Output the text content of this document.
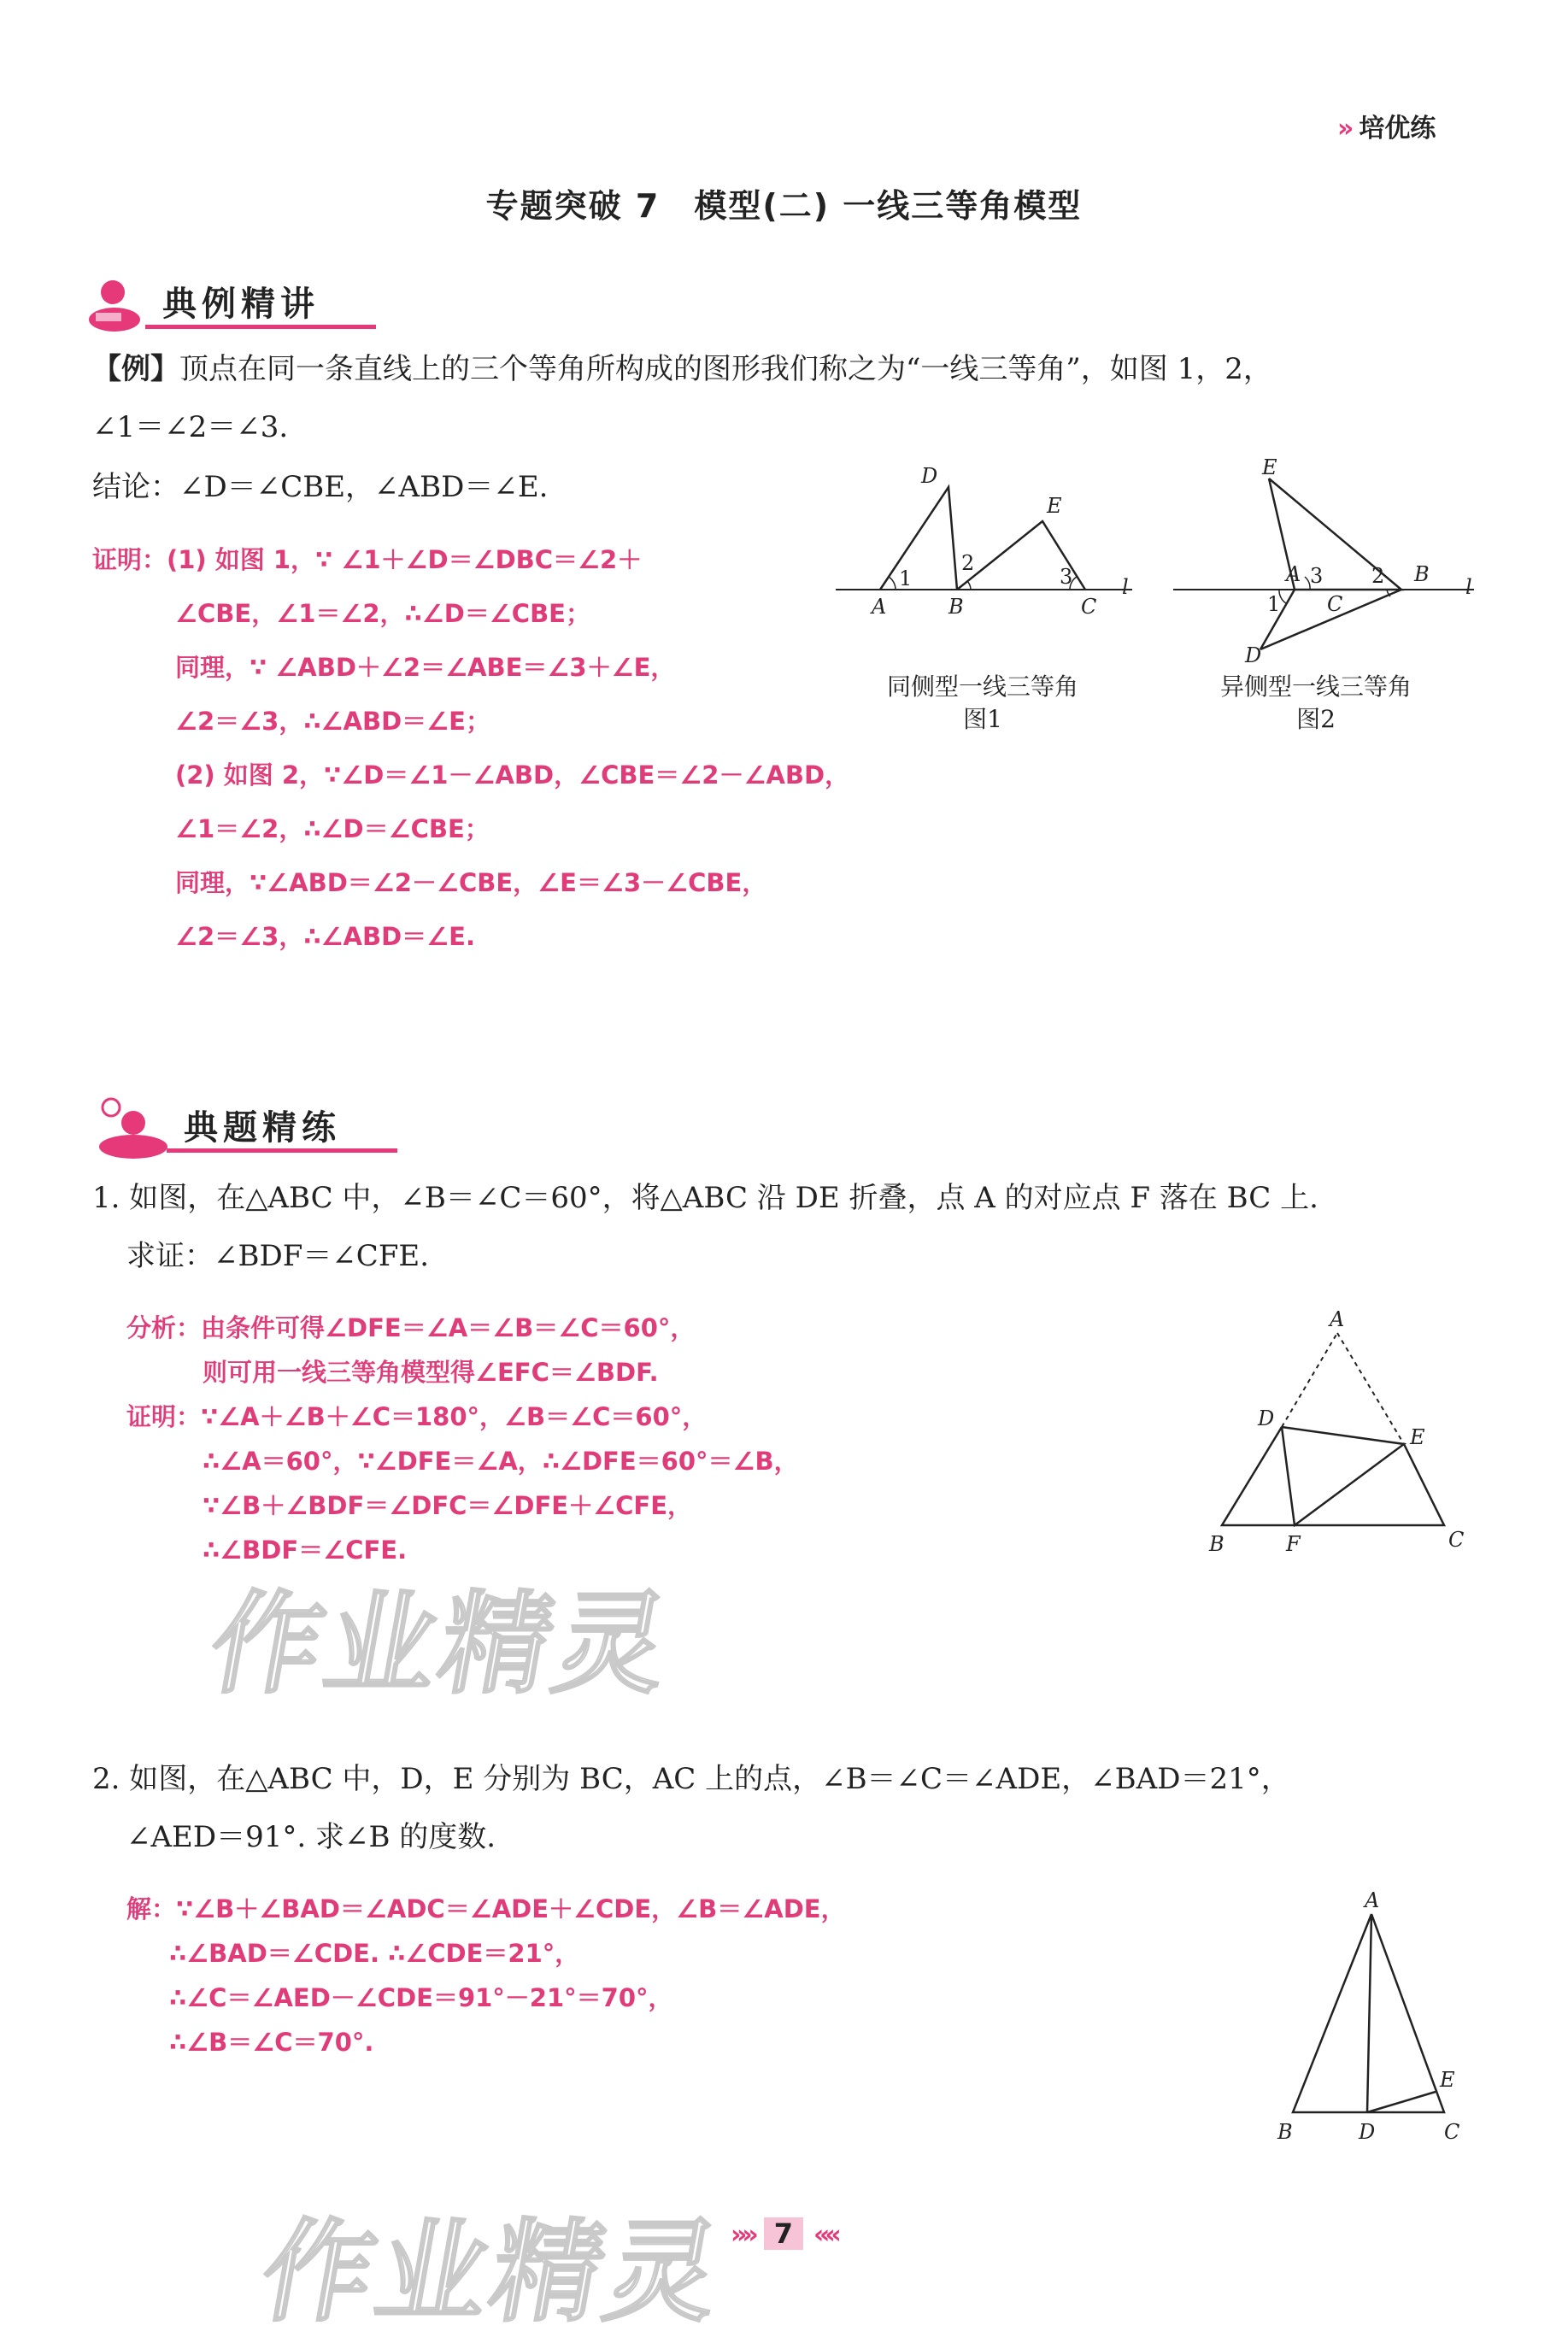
» 培优练
专题突破 7　模型(二) 一线三等角模型
典例精讲
【例】顶点在同一条直线上的三个等角所构成的图形我们称之为“一线三等角”，如图 1，2，
∠1＝∠2＝∠3.
结论：∠D＝∠CBE，∠ABD＝∠E.
证明：(1) 如图 1，∵ ∠1＋∠D＝∠DBC＝∠2＋
∠CBE，∠1＝∠2，∴∠D＝∠CBE；
同理，∵ ∠ABD＋∠2＝∠ABE＝∠3＋∠E，
∠2＝∠3，∴∠ABD＝∠E；
(2) 如图 2，∵∠D＝∠1－∠ABD，∠CBE＝∠2－∠ABD，
∠1＝∠2，∴∠D＝∠CBE；
同理，∵∠ABD＝∠2－∠CBE，∠E＝∠3－∠CBE，
∠2＝∠3，∴∠ABD＝∠E.
D
E
A	B	C
l
1
2
3
同侧型一线三等角
图1
E
A
C
B
D
l
1
2
3
异侧型一线三等角
图2
典题精练
1. 如图，在△ABC 中，∠B＝∠C＝60°，将△ABC 沿 DE 折叠，点 A 的对应点 F 落在 BC 上.
求证：∠BDF＝∠CFE.
分析：由条件可得∠DFE＝∠A＝∠B＝∠C＝60°，
则可用一线三等角模型得∠EFC＝∠BDF.
证明：∵∠A＋∠B＋∠C＝180°，∠B＝∠C＝60°，
∴∠A＝60°，∵∠DFE＝∠A，∴∠DFE＝60°＝∠B，
∵∠B＋∠BDF＝∠DFC＝∠DFE＋∠CFE，
∴∠BDF＝∠CFE.
A
D
E
B	F	C
作业精灵
2. 如图，在△ABC 中，D，E 分别为 BC，AC 上的点，∠B＝∠C＝∠ADE，∠BAD＝21°，
∠AED＝91°. 求∠B 的度数.
解：∵∠B＋∠BAD＝∠ADC＝∠ADE＋∠CDE，∠B＝∠ADE，
∴∠BAD＝∠CDE. ∴∠CDE＝21°，
∴∠C＝∠AED－∠CDE＝91°－21°＝70°，
∴∠B＝∠C＝70°.
A
B	D	C
E
作业精灵
»» 7 ««
